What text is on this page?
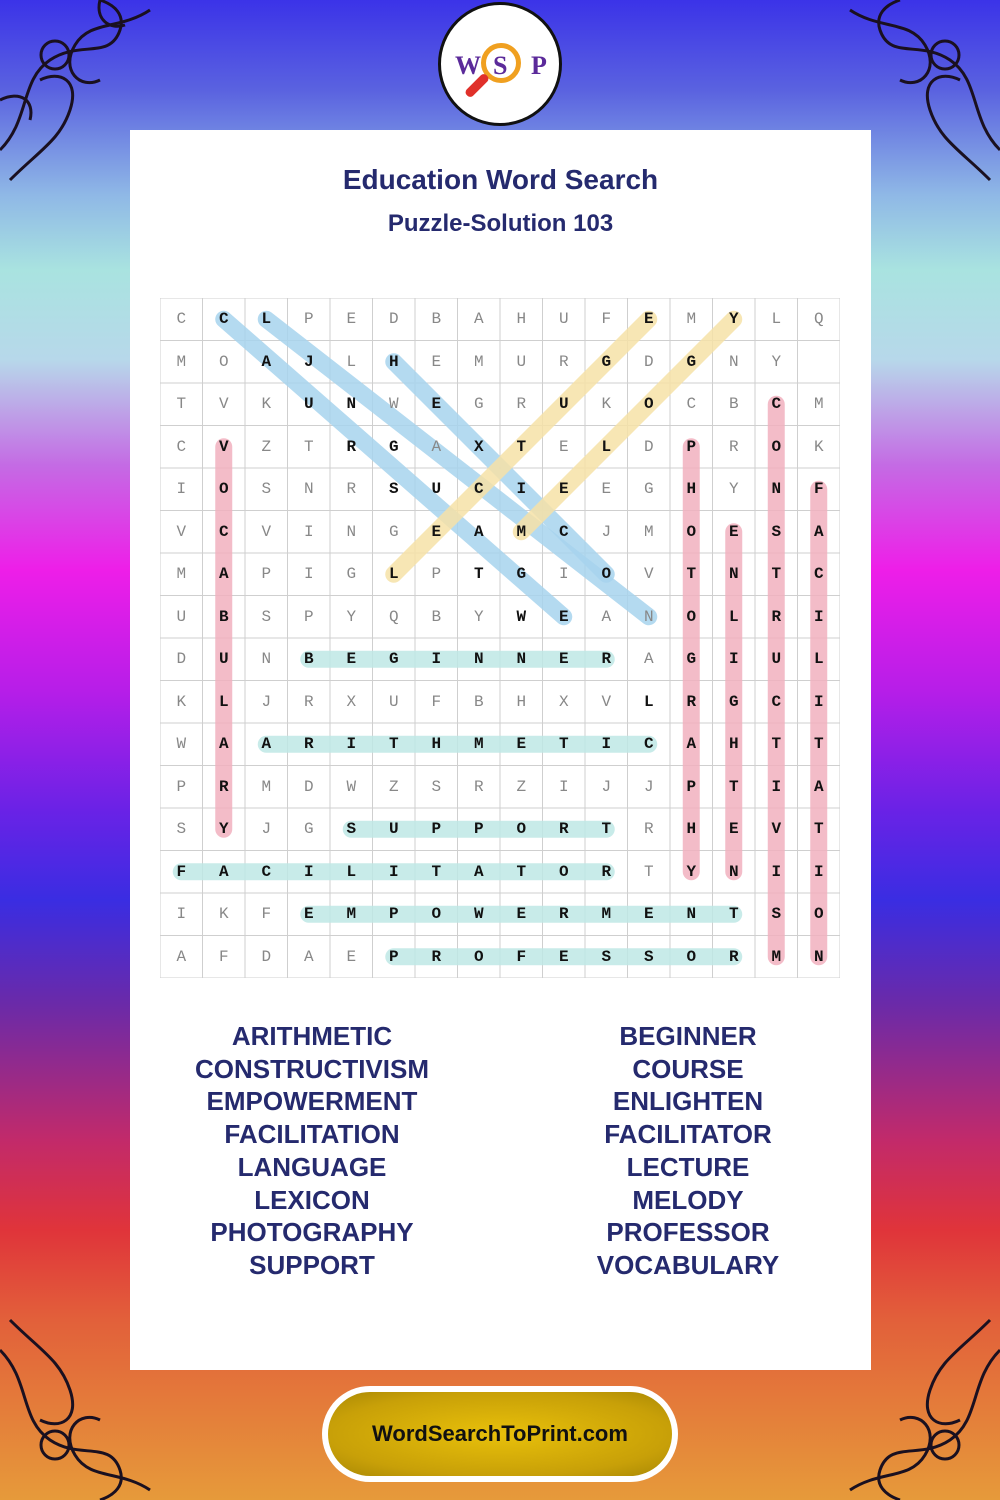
W S P
Education Word Search
Puzzle-Solution 103
C	C	L	P	E	D	B	A	H	U	F	E	M	Y	L	Q
M	O	A	J	L	H	E	M	U	R	G	D	G	N	Y
T	V	K	U	N	W	E	G	R	U	K	O	C	B	C	M
C	V	Z	T	R	G	A	X	T	E	L	D	P	R	O	K
I	O	S	N	R	S	U	C	I	E	E	G	H	Y	N	F
V	C	V	I	N	G	E	A	M	C	J	M	O	E	S	A
M	A	P	I	G	L	P	T	G	I	O	V	T	N	T	C
U	B	S	P	Y	Q	B	Y	W	E	A	N	O	L	R	I
D	U	N	B	E	G	I	N	N	E	R	A	G	I	U	L
K	L	J	R	X	U	F	B	H	X	V	L	R	G	C	I
W	A	A	R	I	T	H	M	E	T	I	C	A	H	T	T
P	R	M	D	W	Z	S	R	Z	I	J	J	P	T	I	A
S	Y	J	G	S	U	P	P	O	R	T	R	H	E	V	T
F	A	C	I	L	I	T	A	T	O	R	T	Y	N	I	I
I	K	F	E	M	P	O	W	E	R	M	E	N	T	S	O
A	F	D	A	E	P	R	O	F	E	S	S	O	R	M	N
ARITHMETIC
CONSTRUCTIVISM
EMPOWERMENT
FACILITATION
LANGUAGE
LEXICON
PHOTOGRAPHY
SUPPORT
BEGINNER
COURSE
ENLIGHTEN
FACILITATOR
LECTURE
MELODY
PROFESSOR
VOCABULARY
WordSearchToPrint.com
